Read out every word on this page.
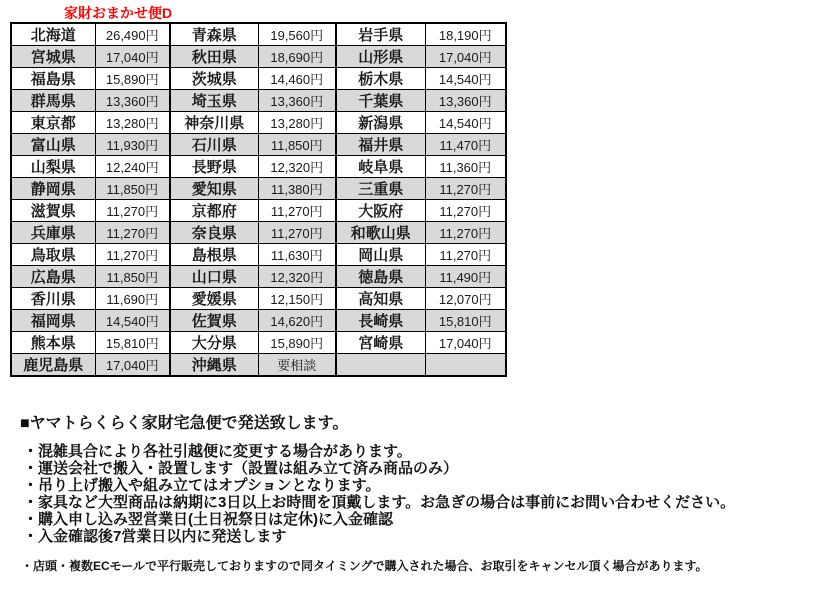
家財おまかせ便D
北海道	26,490円	青森県	19,560円	岩手県	18,190円
宮城県	17,040円	秋田県	18,690円	山形県	17,040円
福島県	15,890円	茨城県	14,460円	栃木県	14,540円
群馬県	13,360円	埼玉県	13,360円	千葉県	13,360円
東京都	13,280円	神奈川県	13,280円	新潟県	14,540円
富山県	11,930円	石川県	11,850円	福井県	11,470円
山梨県	12,240円	長野県	12,320円	岐阜県	11,360円
静岡県	11,850円	愛知県	11,380円	三重県	11,270円
滋賀県	11,270円	京都府	11,270円	大阪府	11,270円
兵庫県	11,270円	奈良県	11,270円	和歌山県	11,270円
鳥取県	11,270円	島根県	11,630円	岡山県	11,270円
広島県	11,850円	山口県	12,320円	徳島県	11,490円
香川県	11,690円	愛媛県	12,150円	高知県	12,070円
福岡県	14,540円	佐賀県	14,620円	長崎県	15,810円
熊本県	15,810円	大分県	15,890円	宮崎県	17,040円
鹿児島県	17,040円	沖縄県	要相談		

■ヤマトらくらく家財宅急便で発送致します。

・混雑具合により各社引越便に変更する場合があります。

・運送会社で搬入・設置します（設置は組み立て済み商品のみ）

・吊り上げ搬入や組み立てはオプションとなります。

・家具など大型商品は納期に3日以上お時間を頂戴します。お急ぎの場合は事前にお問い合わせください。

・購入申し込み翌営業日(土日祝祭日は定休)に入金確認

・入金確認後7営業日以内に発送します

・店頭・複数ECモールで平行販売しておりますので同タイミングで購入された場合、お取引をキャンセル頂く場合があります。
